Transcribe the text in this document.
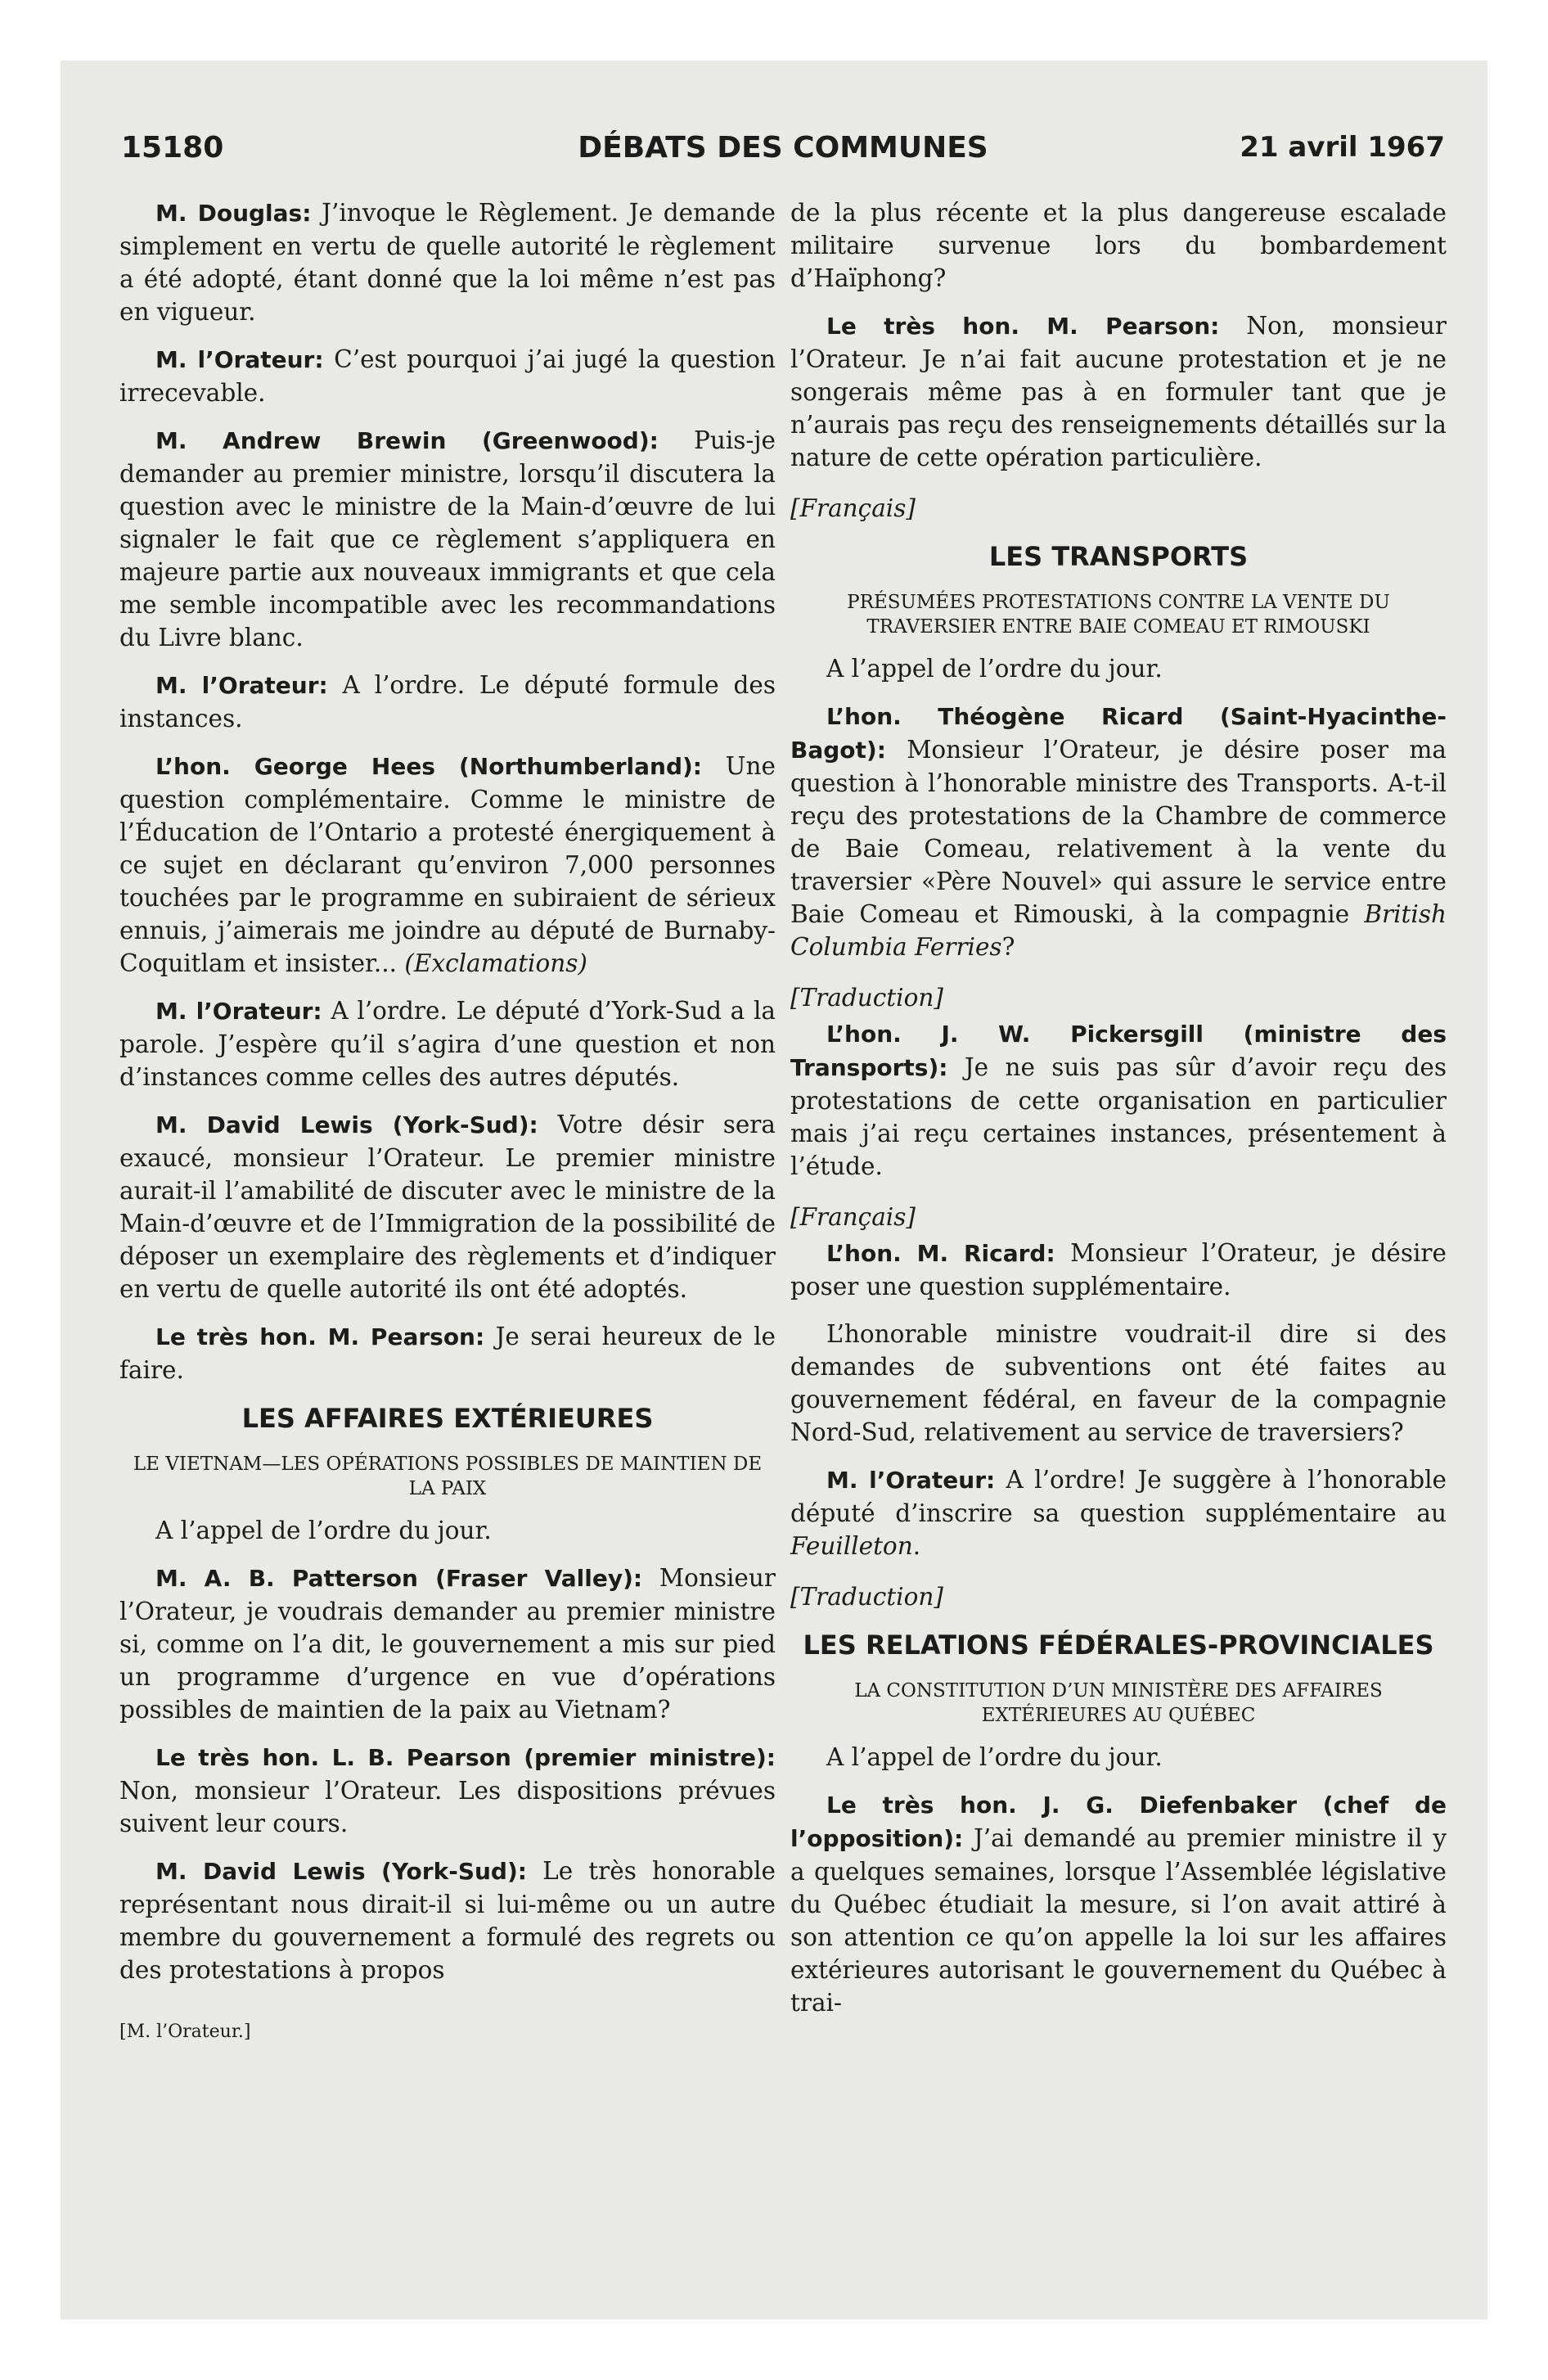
15180	DÉBATS DES COMMUNES	21 avril 1967

M. Douglas: J’invoque le Règlement. Je demande simplement en vertu de quelle autorité le règlement a été adopté, étant donné que la loi même n’est pas en vigueur.

M. l’Orateur: C’est pourquoi j’ai jugé la question irrecevable.

M. Andrew Brewin (Greenwood): Puis-je demander au premier ministre, lorsqu’il discutera la question avec le ministre de la Main-d’œuvre de lui signaler le fait que ce règlement s’appliquera en majeure partie aux nouveaux immigrants et que cela me semble incompatible avec les recommandations du Livre blanc.

M. l’Orateur: A l’ordre. Le député formule des instances.

L’hon. George Hees (Northumberland): Une question complémentaire. Comme le ministre de l’Éducation de l’Ontario a protesté énergiquement à ce sujet en déclarant qu’environ 7,000 personnes touchées par le programme en subiraient de sérieux ennuis, j’aimerais me joindre au député de Burnaby-Coquitlam et insister... (Exclamations)

M. l’Orateur: A l’ordre. Le député d’York-Sud a la parole. J’espère qu’il s’agira d’une question et non d’instances comme celles des autres députés.

M. David Lewis (York-Sud): Votre désir sera exaucé, monsieur l’Orateur. Le premier ministre aurait-il l’amabilité de discuter avec le ministre de la Main-d’œuvre et de l’Immigration de la possibilité de déposer un exemplaire des règlements et d’indiquer en vertu de quelle autorité ils ont été adoptés.

Le très hon. M. Pearson: Je serai heureux de le faire.

LES AFFAIRES EXTÉRIEURES
LE VIETNAM—LES OPÉRATIONS POSSIBLES DE MAINTIEN DE LA PAIX

A l’appel de l’ordre du jour.

M. A. B. Patterson (Fraser Valley): Monsieur l’Orateur, je voudrais demander au premier ministre si, comme on l’a dit, le gouvernement a mis sur pied un programme d’urgence en vue d’opérations possibles de maintien de la paix au Vietnam?

Le très hon. L. B. Pearson (premier ministre): Non, monsieur l’Orateur. Les dispositions prévues suivent leur cours.

M. David Lewis (York-Sud): Le très honorable représentant nous dirait-il si lui-même ou un autre membre du gouvernement a formulé des regrets ou des protestations à propos

[M. l’Orateur.]

de la plus récente et la plus dangereuse escalade militaire survenue lors du bombardement d’Haïphong?

Le très hon. M. Pearson: Non, monsieur l’Orateur. Je n’ai fait aucune protestation et je ne songerais même pas à en formuler tant que je n’aurais pas reçu des renseignements détaillés sur la nature de cette opération particulière.

[Français]

LES TRANSPORTS
PRÉSUMÉES PROTESTATIONS CONTRE LA VENTE DU TRAVERSIER ENTRE BAIE COMEAU ET RIMOUSKI

A l’appel de l’ordre du jour.

L’hon. Théogène Ricard (Saint-Hyacinthe-Bagot): Monsieur l’Orateur, je désire poser ma question à l’honorable ministre des Transports. A-t-il reçu des protestations de la Chambre de commerce de Baie Comeau, relativement à la vente du traversier «Père Nouvel» qui assure le service entre Baie Comeau et Rimouski, à la compagnie British Columbia Ferries?

[Traduction]

L’hon. J. W. Pickersgill (ministre des Transports): Je ne suis pas sûr d’avoir reçu des protestations de cette organisation en particulier mais j’ai reçu certaines instances, présentement à l’étude.

[Français]

L’hon. M. Ricard: Monsieur l’Orateur, je désire poser une question supplémentaire.

L’honorable ministre voudrait-il dire si des demandes de subventions ont été faites au gouvernement fédéral, en faveur de la compagnie Nord-Sud, relativement au service de traversiers?

M. l’Orateur: A l’ordre! Je suggère à l’honorable député d’inscrire sa question supplémentaire au Feuilleton.

[Traduction]

LES RELATIONS FÉDÉRALES-PROVINCIALES
LA CONSTITUTION D’UN MINISTÈRE DES AFFAIRES EXTÉRIEURES AU QUÉBEC

A l’appel de l’ordre du jour.

Le très hon. J. G. Diefenbaker (chef de l’opposition): J’ai demandé au premier ministre il y a quelques semaines, lorsque l’Assemblée législative du Québec étudiait la mesure, si l’on avait attiré à son attention ce qu’on appelle la loi sur les affaires extérieures autorisant le gouvernement du Québec à trai-
